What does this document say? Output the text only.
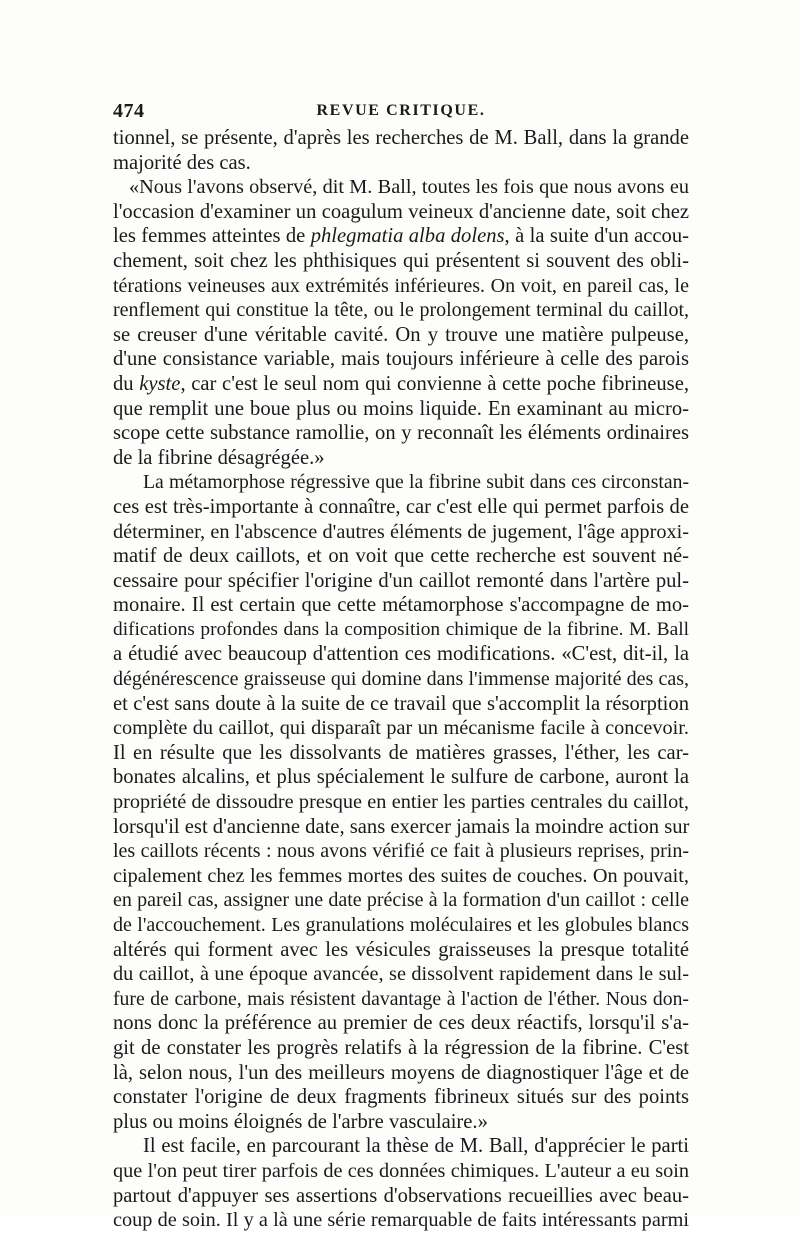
474	REVUE CRITIQUE.
tionnel, se présente, d'après les recherches de M. Ball, dans la grande
majorité des cas.
«Nous l'avons observé, dit M. Ball, toutes les fois que nous avons eu
l'occasion d'examiner un coagulum veineux d'ancienne date, soit chez
les femmes atteintes de phlegmatia alba dolens, à la suite d'un accou-
chement, soit chez les phthisiques qui présentent si souvent des obli-
térations veineuses aux extrémités inférieures. On voit, en pareil cas, le
renflement qui constitue la tête, ou le prolongement terminal du caillot,
se creuser d'une véritable cavité. On y trouve une matière pulpeuse,
d'une consistance variable, mais toujours inférieure à celle des parois
du kyste, car c'est le seul nom qui convienne à cette poche fibrineuse,
que remplit une boue plus ou moins liquide. En examinant au micro-
scope cette substance ramollie, on y reconnaît les éléments ordinaires
de la fibrine désagrégée.»
La métamorphose régressive que la fibrine subit dans ces circonstan-
ces est très-importante à connaître, car c'est elle qui permet parfois de
déterminer, en l'abscence d'autres éléments de jugement, l'âge approxi-
matif de deux caillots, et on voit que cette recherche est souvent né-
cessaire pour spécifier l'origine d'un caillot remonté dans l'artère pul-
monaire. Il est certain que cette métamorphose s'accompagne de mo-
difications profondes dans la composition chimique de la fibrine. M. Ball
a étudié avec beaucoup d'attention ces modifications. «C'est, dit-il, la
dégénérescence graisseuse qui domine dans l'immense majorité des cas,
et c'est sans doute à la suite de ce travail que s'accomplit la résorption
complète du caillot, qui disparaît par un mécanisme facile à concevoir.
Il en résulte que les dissolvants de matières grasses, l'éther, les car-
bonates alcalins, et plus spécialement le sulfure de carbone, auront la
propriété de dissoudre presque en entier les parties centrales du caillot,
lorsqu'il est d'ancienne date, sans exercer jamais la moindre action sur
les caillots récents : nous avons vérifié ce fait à plusieurs reprises, prin-
cipalement chez les femmes mortes des suites de couches. On pouvait,
en pareil cas, assigner une date précise à la formation d'un caillot : celle
de l'accouchement. Les granulations moléculaires et les globules blancs
altérés qui forment avec les vésicules graisseuses la presque totalité
du caillot, à une époque avancée, se dissolvent rapidement dans le sul-
fure de carbone, mais résistent davantage à l'action de l'éther. Nous don-
nons donc la préférence au premier de ces deux réactifs, lorsqu'il s'a-
git de constater les progrès relatifs à la régression de la fibrine. C'est
là, selon nous, l'un des meilleurs moyens de diagnostiquer l'âge et de
constater l'origine de deux fragments fibrineux situés sur des points
plus ou moins éloignés de l'arbre vasculaire.»
Il est facile, en parcourant la thèse de M. Ball, d'apprécier le parti
que l'on peut tirer parfois de ces données chimiques. L'auteur a eu soin
partout d'appuyer ses assertions d'observations recueillies avec beau-
coup de soin. Il y a là une série remarquable de faits intéressants parmi
